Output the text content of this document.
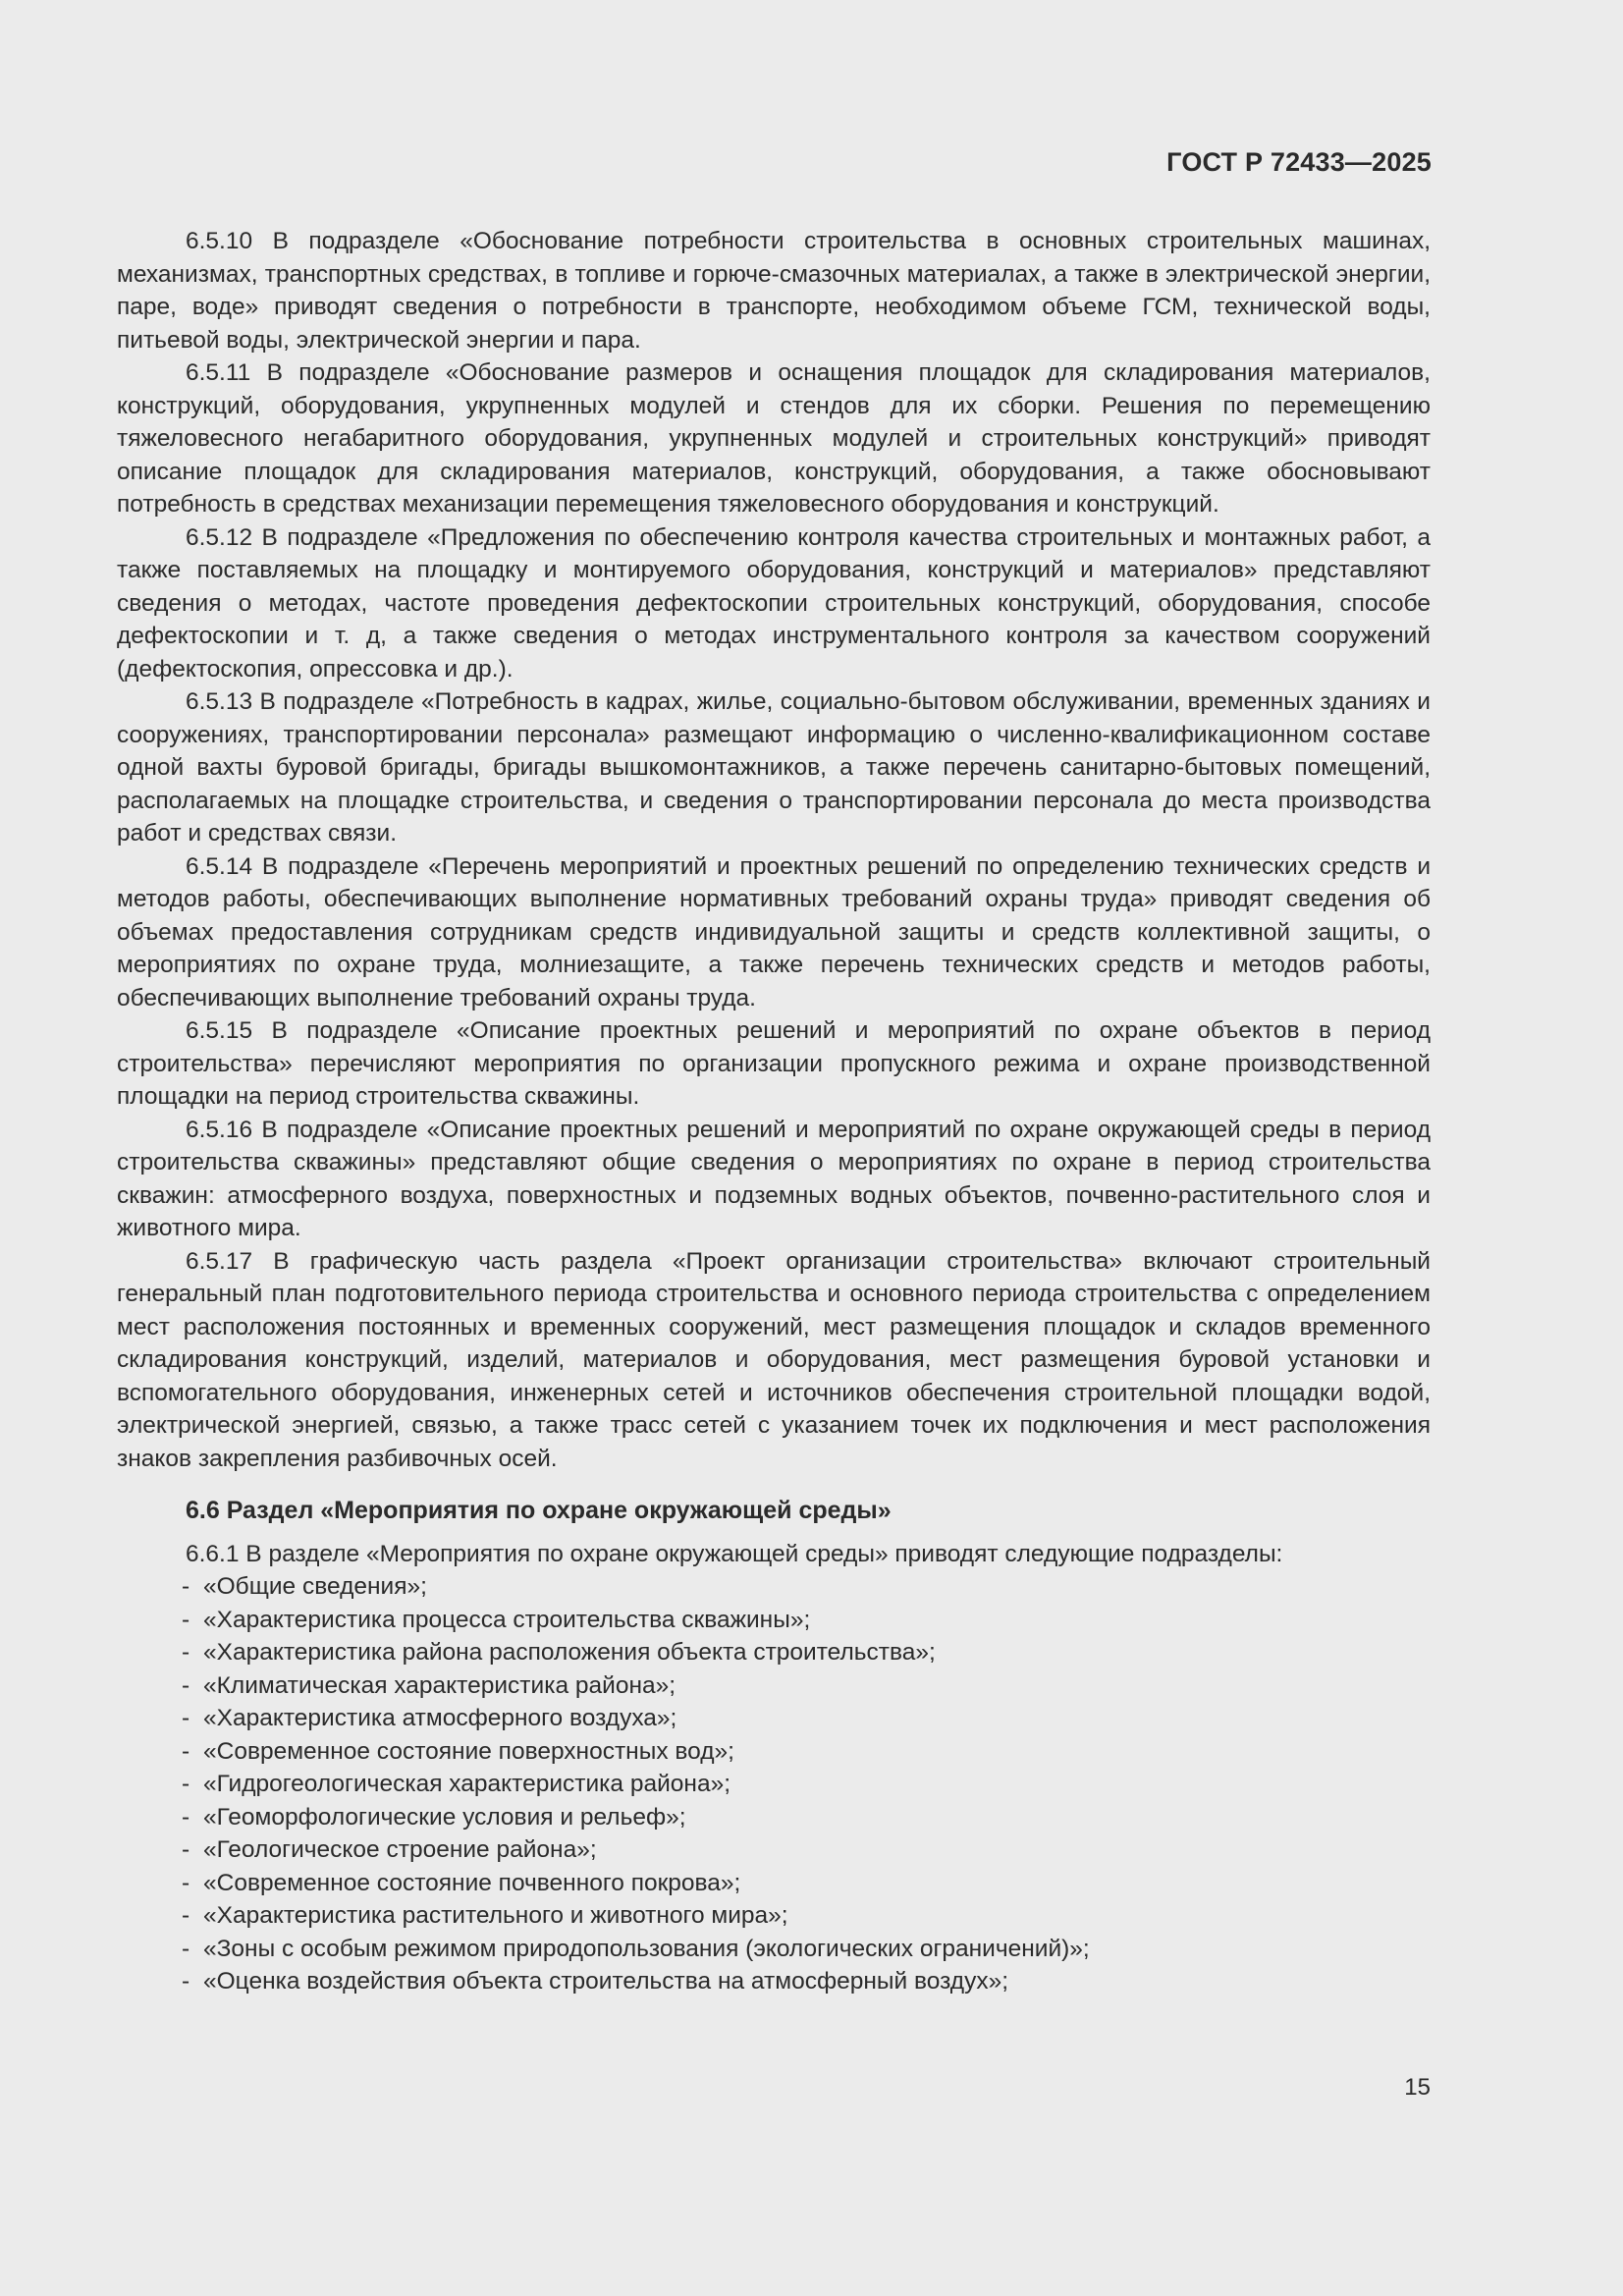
ГОСТ Р 72433—2025

6.5.10 В подразделе «Обоснование потребности строительства в основных строительных машинах, механизмах, транспортных средствах, в топливе и горюче-смазочных материалах, а также в электрической энергии, паре, воде» приводят сведения о потребности в транспорте, необходимом объеме ГСМ, технической воды, питьевой воды, электрической энергии и пара.

6.5.11 В подразделе «Обоснование размеров и оснащения площадок для складирования материалов, конструкций, оборудования, укрупненных модулей и стендов для их сборки. Решения по перемещению тяжеловесного негабаритного оборудования, укрупненных модулей и строительных конструкций» приводят описание площадок для складирования материалов, конструкций, оборудования, а также обосновывают потребность в средствах механизации перемещения тяжеловесного оборудования и конструкций.

6.5.12 В подразделе «Предложения по обеспечению контроля качества строительных и монтажных работ, а также поставляемых на площадку и монтируемого оборудования, конструкций и материалов» представляют сведения о методах, частоте проведения дефектоскопии строительных конструкций, оборудования, способе дефектоскопии и т. д, а также сведения о методах инструментального контроля за качеством сооружений (дефектоскопия, опрессовка и др.).

6.5.13 В подразделе «Потребность в кадрах, жилье, социально-бытовом обслуживании, временных зданиях и сооружениях, транспортировании персонала» размещают информацию о численно-квалификационном составе одной вахты буровой бригады, бригады вышкомонтажников, а также перечень санитарно-бытовых помещений, располагаемых на площадке строительства, и сведения о транспортировании персонала до места производства работ и средствах связи.

6.5.14 В подразделе «Перечень мероприятий и проектных решений по определению технических средств и методов работы, обеспечивающих выполнение нормативных требований охраны труда» приводят сведения об объемах предоставления сотрудникам средств индивидуальной защиты и средств коллективной защиты, о мероприятиях по охране труда, молниезащите, а также перечень технических средств и методов работы, обеспечивающих выполнение требований охраны труда.

6.5.15 В подразделе «Описание проектных решений и мероприятий по охране объектов в период строительства» перечисляют мероприятия по организации пропускного режима и охране производственной площадки на период строительства скважины.

6.5.16 В подразделе «Описание проектных решений и мероприятий по охране окружающей среды в период строительства скважины» представляют общие сведения о мероприятиях по охране в период строительства скважин: атмосферного воздуха, поверхностных и подземных водных объектов, почвенно-растительного слоя и животного мира.

6.5.17 В графическую часть раздела «Проект организации строительства» включают строительный генеральный план подготовительного периода строительства и основного периода строительства с определением мест расположения постоянных и временных сооружений, мест размещения площадок и складов временного складирования конструкций, изделий, материалов и оборудования, мест размещения буровой установки и вспомогательного оборудования, инженерных сетей и источников обеспечения строительной площадки водой, электрической энергией, связью, а также трасс сетей с указанием точек их подключения и мест расположения знаков закрепления разбивочных осей.

6.6 Раздел «Мероприятия по охране окружающей среды»

6.6.1 В разделе «Мероприятия по охране окружающей среды» приводят следующие подразделы:

- «Общие сведения»;
- «Характеристика процесса строительства скважины»;
- «Характеристика района расположения объекта строительства»;
- «Климатическая характеристика района»;
- «Характеристика атмосферного воздуха»;
- «Современное состояние поверхностных вод»;
- «Гидрогеологическая характеристика района»;
- «Геоморфологические условия и рельеф»;
- «Геологическое строение района»;
- «Современное состояние почвенного покрова»;
- «Характеристика растительного и животного мира»;
- «Зоны с особым режимом природопользования (экологических ограничений)»;
- «Оценка воздействия объекта строительства на атмосферный воздух»;
15
